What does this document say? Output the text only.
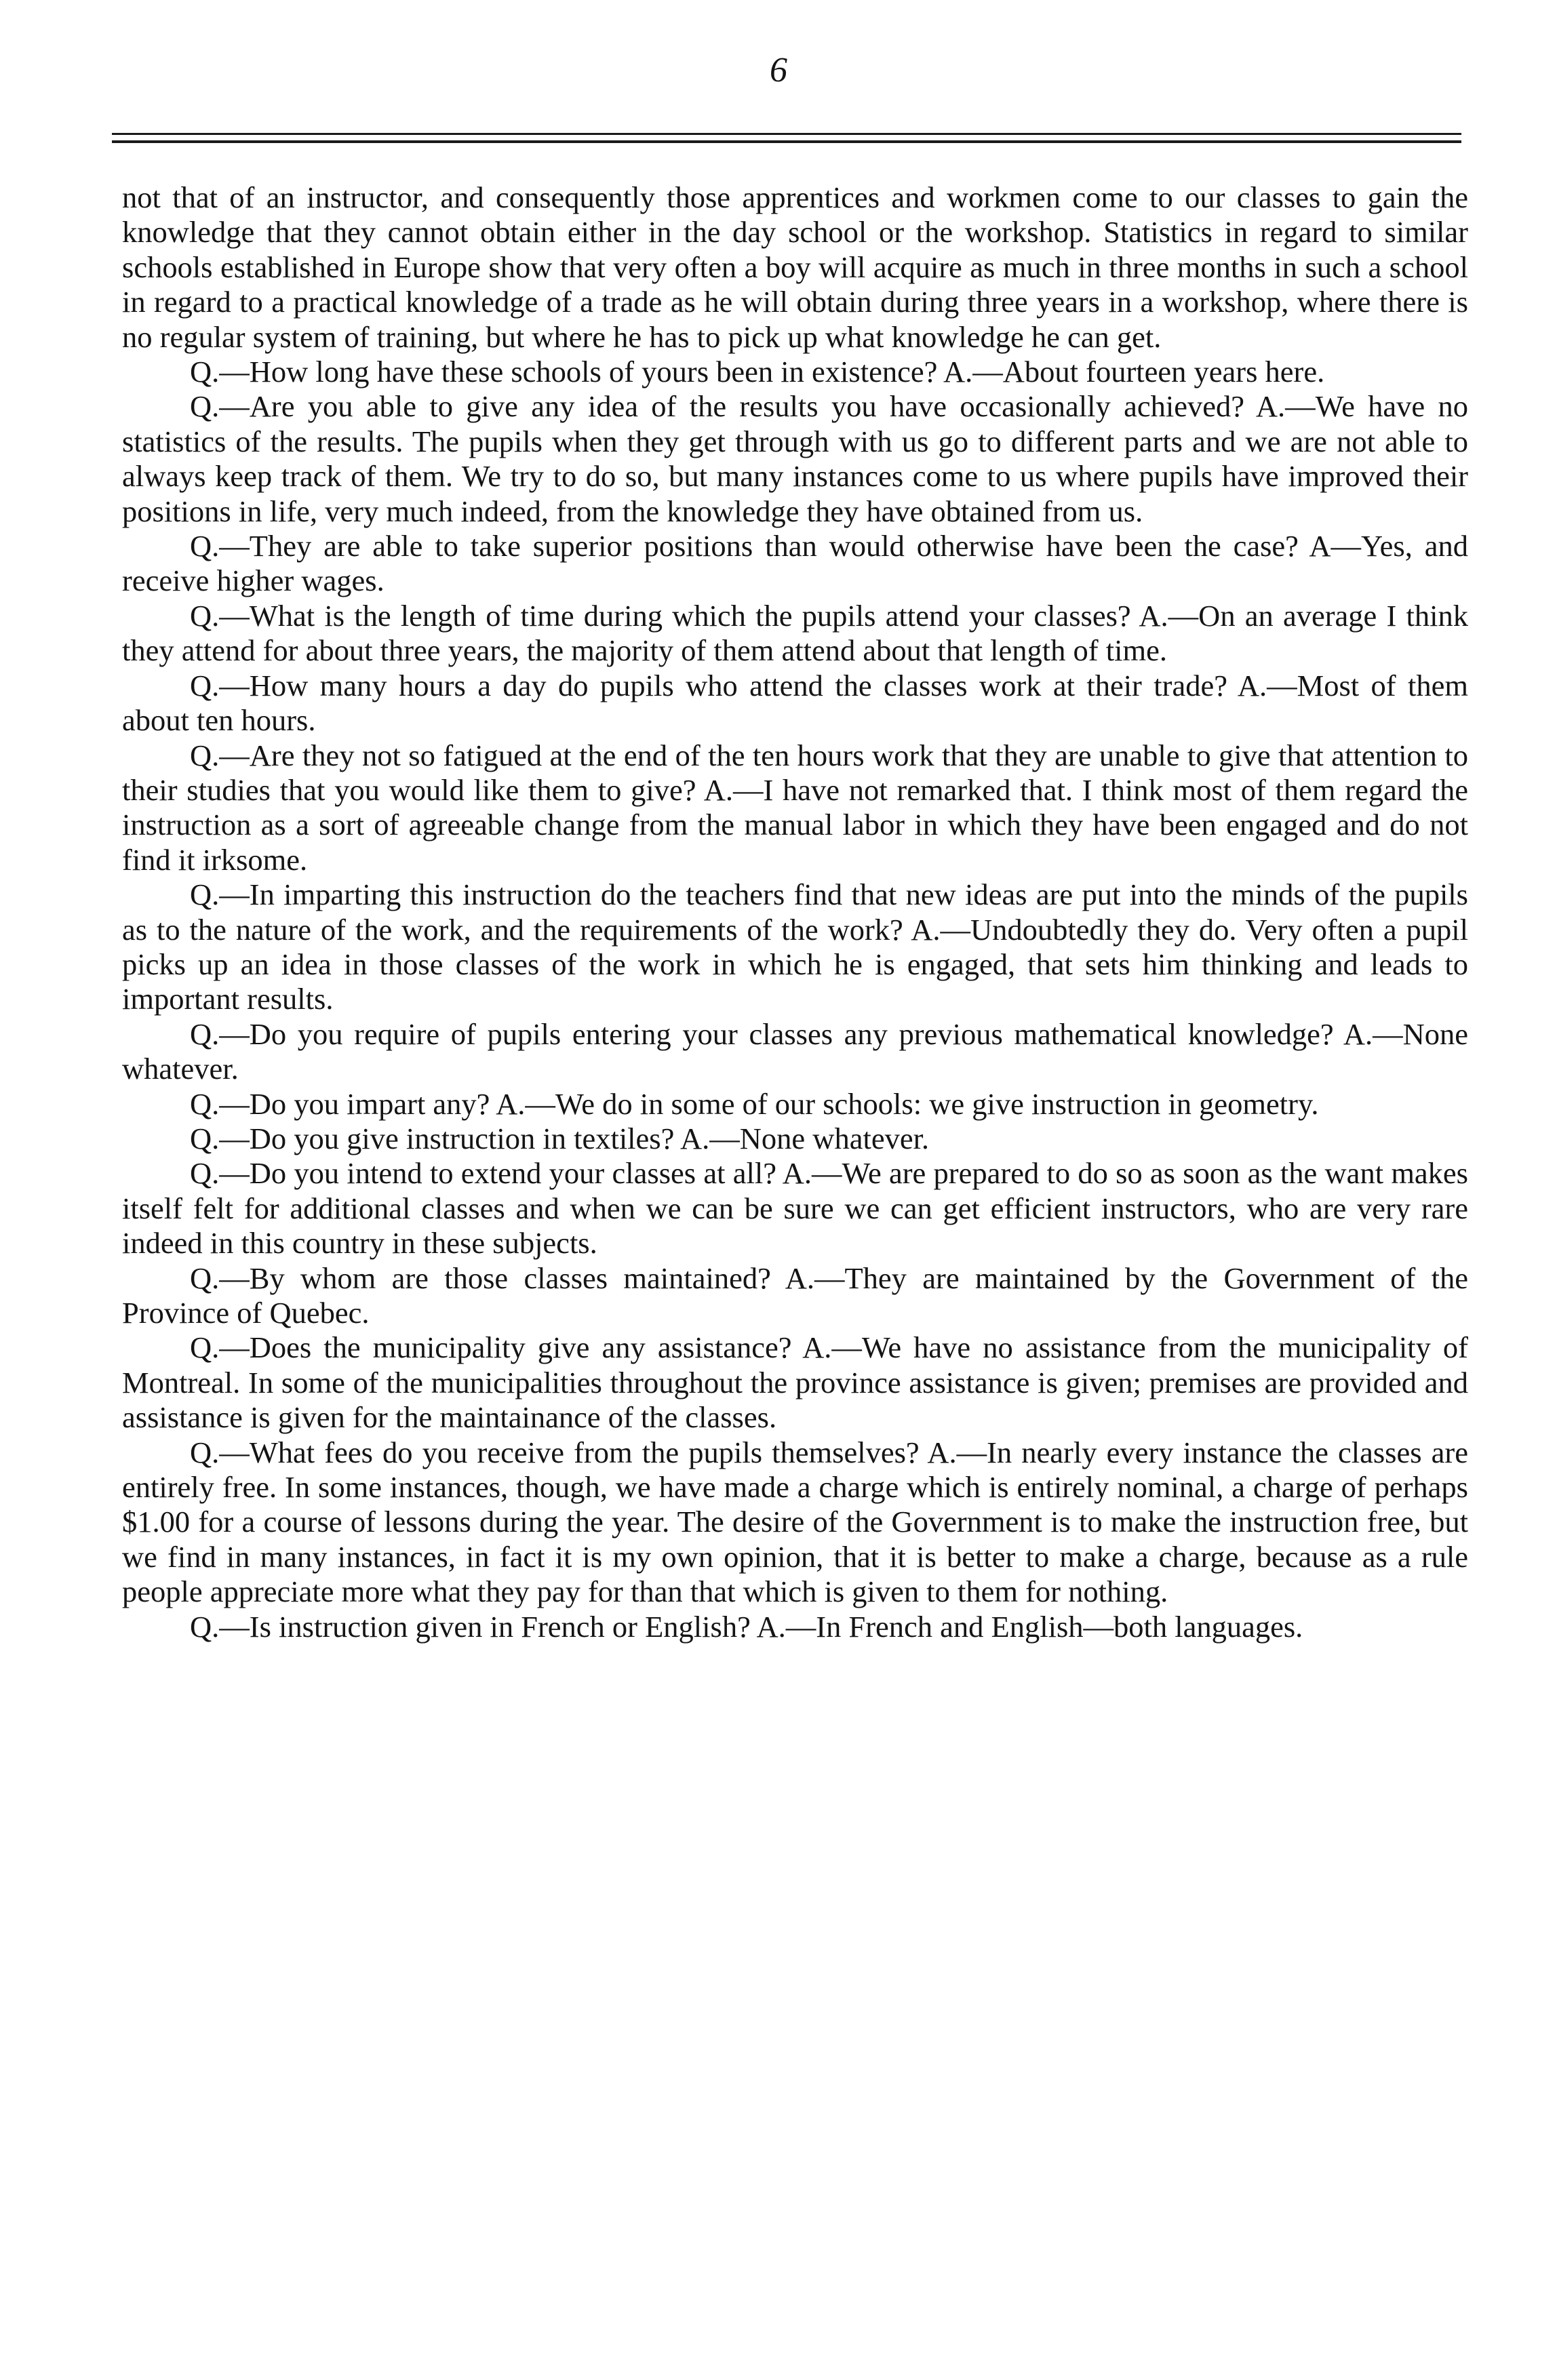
6

not that of an instructor, and consequently those apprentices and workmen come to our classes to gain the knowledge that they cannot obtain either in the day school or the workshop. Statistics in regard to similar schools established in Europe show that very often a boy will acquire as much in three months in such a school in regard to a practical knowledge of a trade as he will obtain during three years in a workshop, where there is no regular system of training, but where he has to pick up what knowledge he can get.

Q.—How long have these schools of yours been in existence? A.—About fourteen years here.

Q.—Are you able to give any idea of the results you have occasionally achieved? A.—We have no statistics of the results. The pupils when they get through with us go to different parts and we are not able to always keep track of them. We try to do so, but many instances come to us where pupils have improved their positions in life, very much indeed, from the knowledge they have obtained from us.

Q.—They are able to take superior positions than would otherwise have been the case? A—Yes, and receive higher wages.

Q.—What is the length of time during which the pupils attend your classes? A.—On an average I think they attend for about three years, the majority of them attend about that length of time.

Q.—How many hours a day do pupils who attend the classes work at their trade? A.—Most of them about ten hours.

Q.—Are they not so fatigued at the end of the ten hours work that they are unable to give that attention to their studies that you would like them to give? A.—I have not remarked that. I think most of them regard the instruction as a sort of agreeable change from the manual labor in which they have been engaged and do not find it irksome.

Q.—In imparting this instruction do the teachers find that new ideas are put into the minds of the pupils as to the nature of the work, and the requirements of the work? A.—Undoubtedly they do. Very often a pupil picks up an idea in those classes of the work in which he is engaged, that sets him thinking and leads to important results.

Q.—Do you require of pupils entering your classes any previous mathematical knowledge? A.—None whatever.

Q.—Do you impart any? A.—We do in some of our schools: we give instruction in geometry.

Q.—Do you give instruction in textiles? A.—None whatever.

Q.—Do you intend to extend your classes at all? A.—We are prepared to do so as soon as the want makes itself felt for additional classes and when we can be sure we can get efficient instructors, who are very rare indeed in this country in these subjects.

Q.—By whom are those classes maintained? A.—They are maintained by the Government of the Province of Quebec.

Q.—Does the municipality give any assistance? A.—We have no assistance from the municipality of Montreal. In some of the municipalities throughout the province assistance is given; premises are provided and assistance is given for the maintainance of the classes.

Q.—What fees do you receive from the pupils themselves? A.—In nearly every instance the classes are entirely free. In some instances, though, we have made a charge which is entirely nominal, a charge of perhaps $1.00 for a course of lessons during the year. The desire of the Government is to make the instruction free, but we find in many instances, in fact it is my own opinion, that it is better to make a charge, because as a rule people appreciate more what they pay for than that which is given to them for nothing.

Q.—Is instruction given in French or English? A.—In French and English—both languages.
